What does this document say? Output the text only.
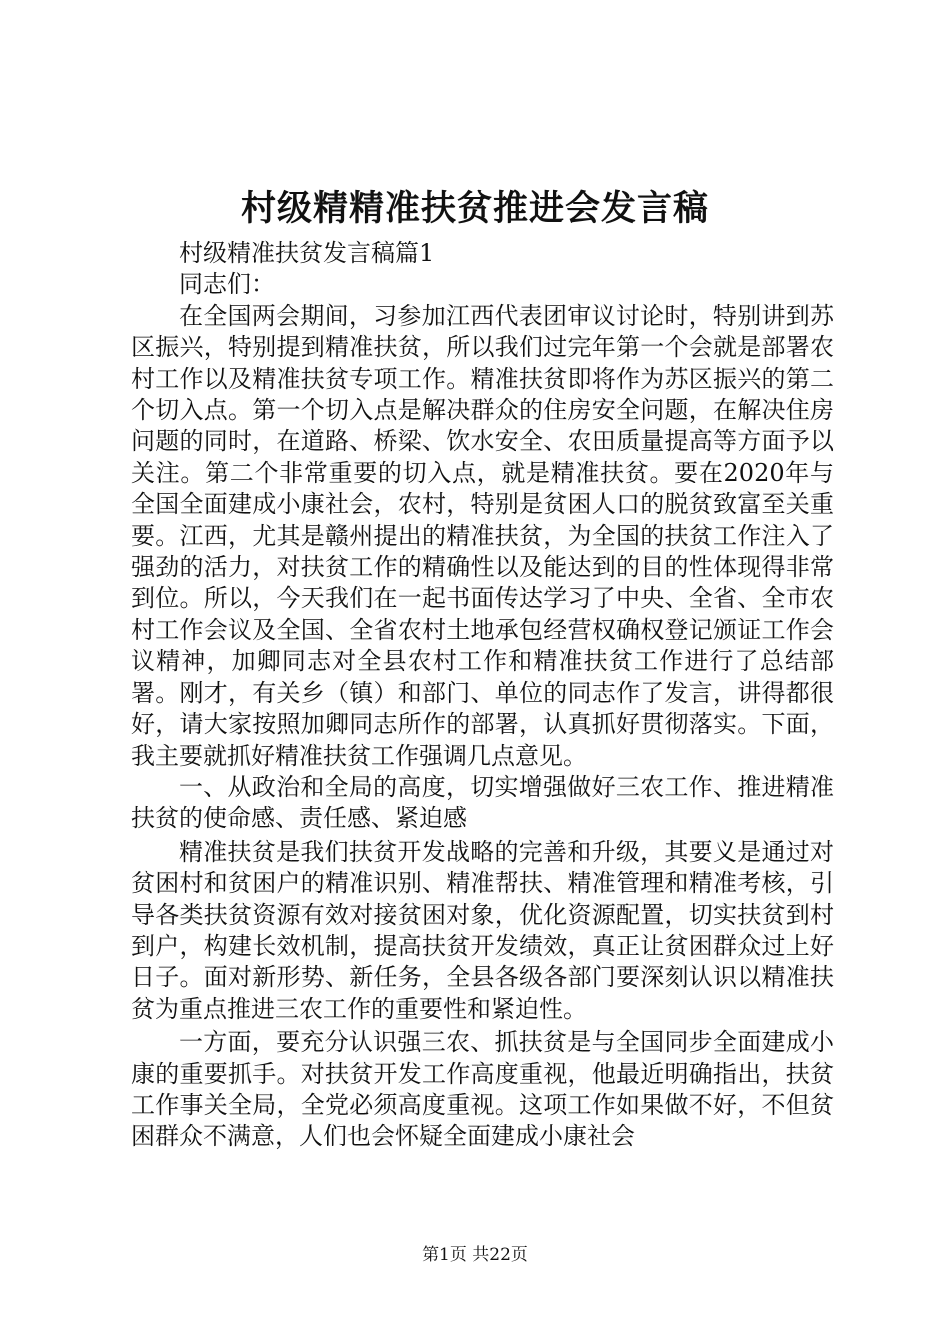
村级精精准扶贫推进会发言稿

村级精准扶贫发言稿篇1

同志们：

在全国两会期间，习参加江西代表团审议讨论时，特别讲到苏区振兴，特别提到精准扶贫，所以我们过完年第一个会就是部署农村工作以及精准扶贫专项工作。精准扶贫即将作为苏区振兴的第二个切入点。第一个切入点是解决群众的住房安全问题，在解决住房问题的同时，在道路、桥梁、饮水安全、农田质量提高等方面予以关注。第二个非常重要的切入点，就是精准扶贫。要在2020年与全国全面建成小康社会，农村，特别是贫困人口的脱贫致富至关重要。江西，尤其是赣州提出的精准扶贫，为全国的扶贫工作注入了强劲的活力，对扶贫工作的精确性以及能达到的目的性体现得非常到位。所以，今天我们在一起书面传达学习了中央、全省、全市农村工作会议及全国、全省农村土地承包经营权确权登记颁证工作会议精神，加卿同志对全县农村工作和精准扶贫工作进行了总结部署。刚才，有关乡（镇）和部门、单位的同志作了发言，讲得都很好，请大家按照加卿同志所作的部署，认真抓好贯彻落实。下面，我主要就抓好精准扶贫工作强调几点意见。

一、从政治和全局的高度，切实增强做好三农工作、推进精准扶贫的使命感、责任感、紧迫感

精准扶贫是我们扶贫开发战略的完善和升级，其要义是通过对贫困村和贫困户的精准识别、精准帮扶、精准管理和精准考核，引导各类扶贫资源有效对接贫困对象，优化资源配置，切实扶贫到村到户，构建长效机制，提高扶贫开发绩效，真正让贫困群众过上好日子。面对新形势、新任务，全县各级各部门要深刻认识以精准扶贫为重点推进三农工作的重要性和紧迫性。

一方面，要充分认识强三农、抓扶贫是与全国同步全面建成小康的重要抓手。对扶贫开发工作高度重视，他最近明确指出，扶贫工作事关全局，全党必须高度重视。这项工作如果做不好，不但贫困群众不满意，人们也会怀疑全面建成小康社会

第1页 共22页
